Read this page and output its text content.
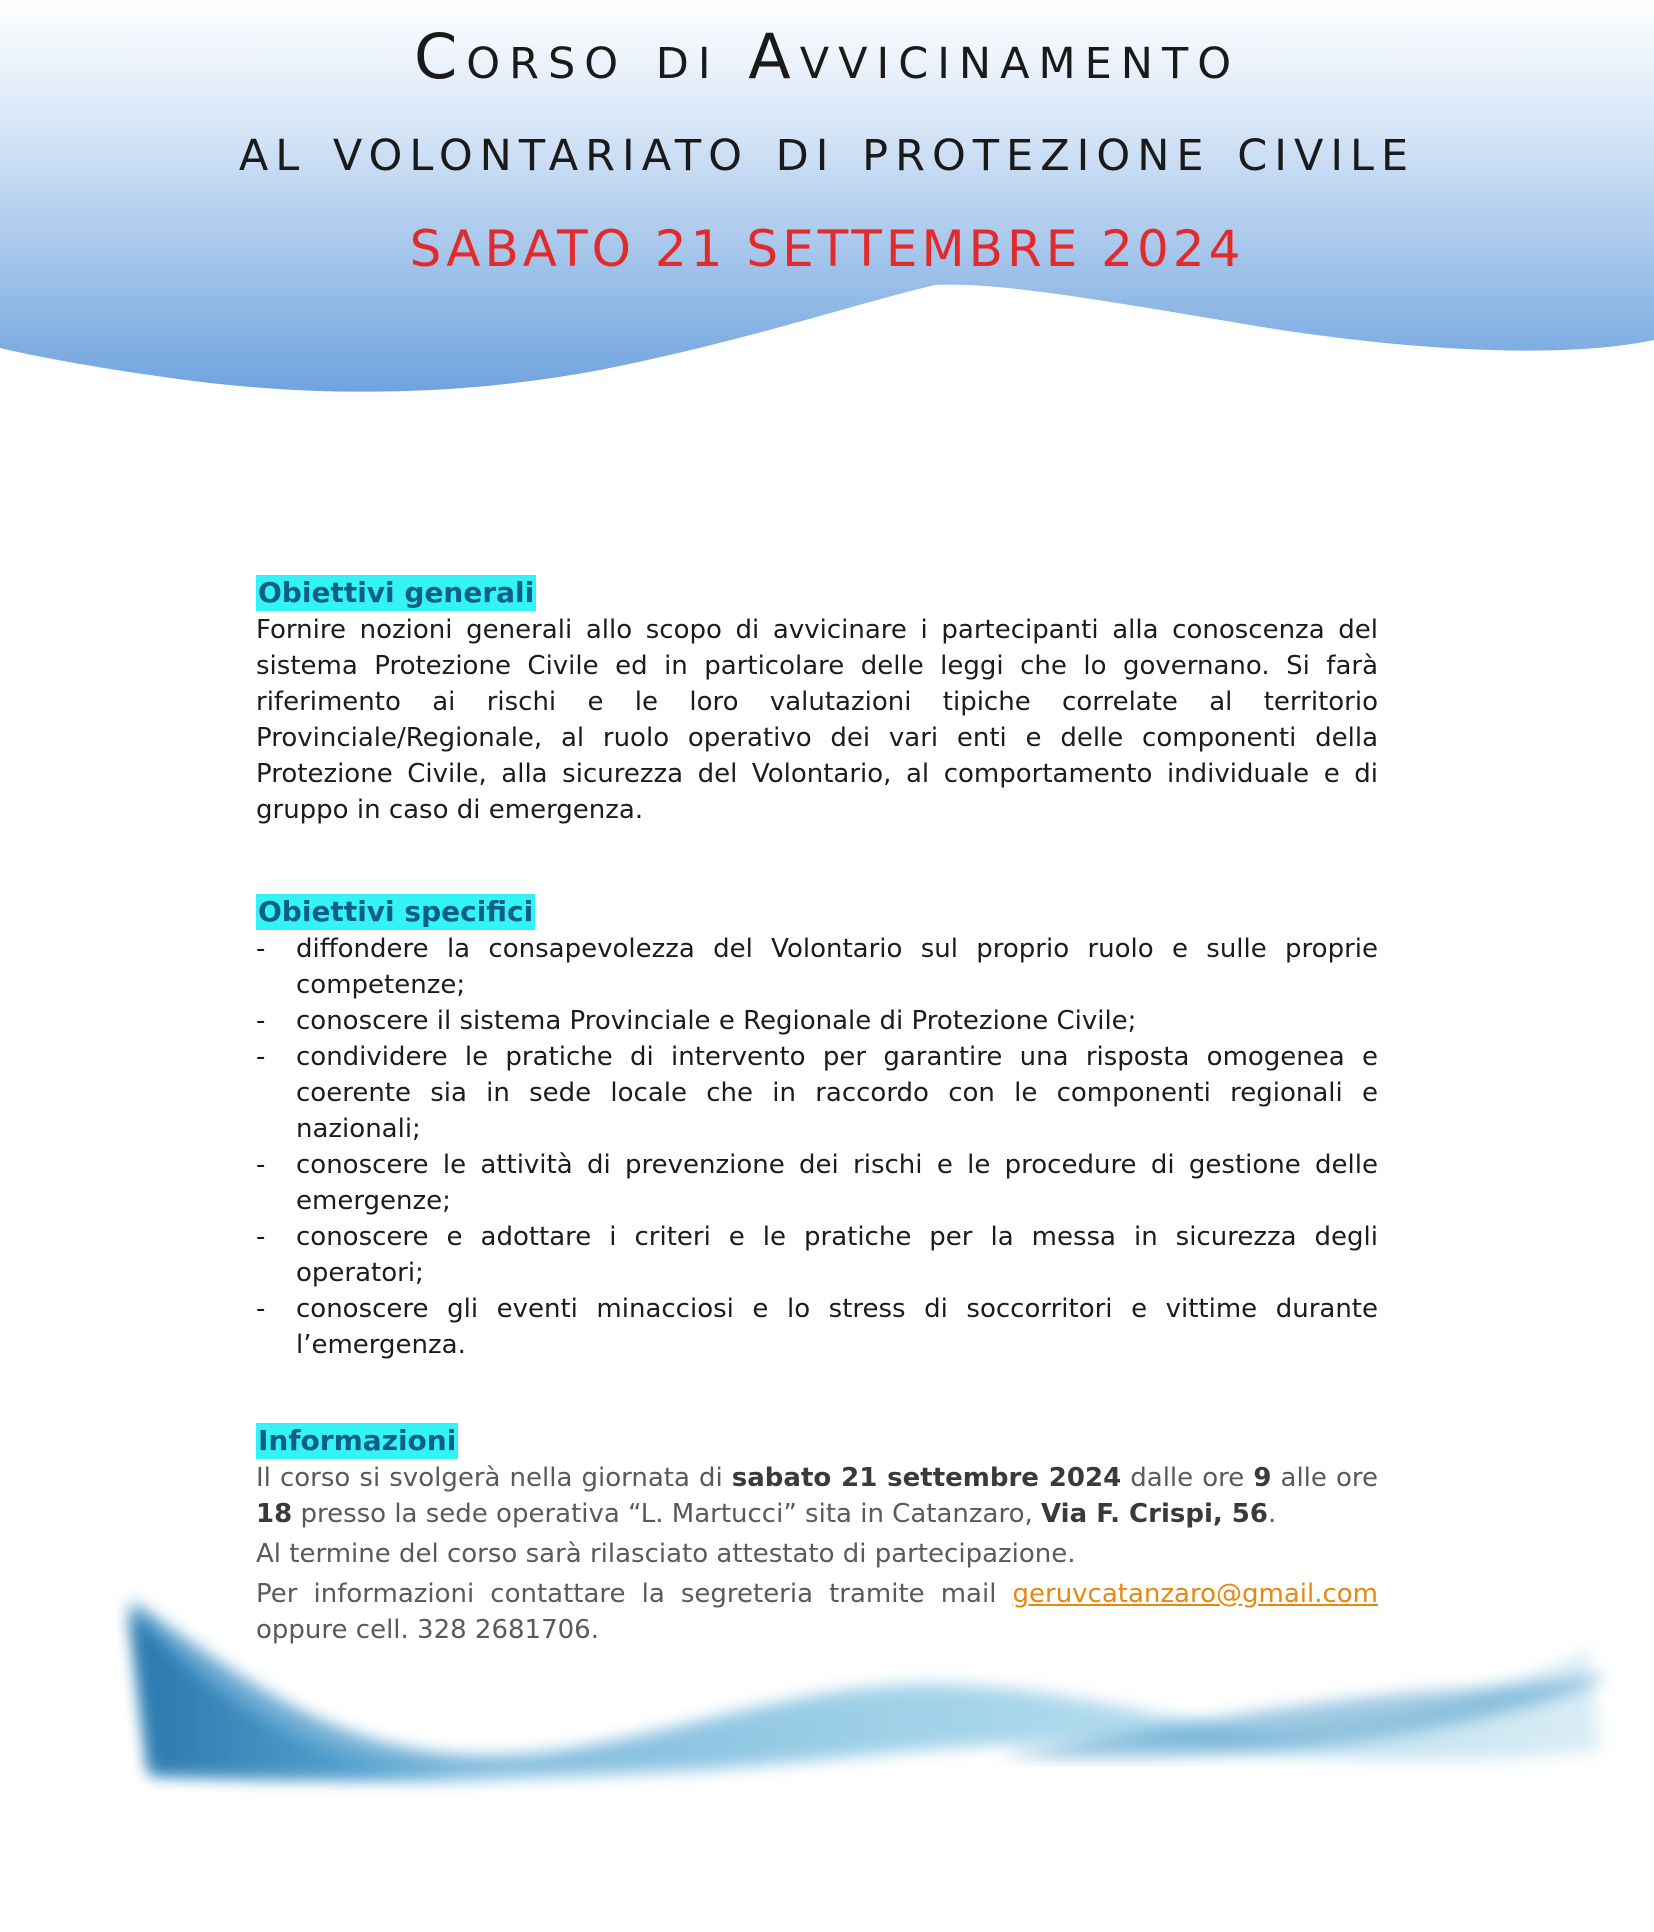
Corso di Avvicinamento
al volontariato di protezione civile
SABATO 21 SETTEMBRE 2024
Obiettivi generali

Fornire nozioni generali allo scopo di avvicinare i partecipanti alla conoscenza del sistema Protezione Civile ed in particolare delle leggi che lo governano. Si farà riferimento ai rischi e le loro valutazioni tipiche correlate al territorio Provinciale/Regionale, al ruolo operativo dei vari enti e delle componenti della Protezione Civile, alla sicurezza del Volontario, al comportamento individuale e di gruppo in caso di emergenza.

Obiettivi specifici
- diffondere la consapevolezza del Volontario sul proprio ruolo e sulle proprie competenze;
- conoscere il sistema Provinciale e Regionale di Protezione Civile;
- condividere le pratiche di intervento per garantire una risposta omogenea e coerente sia in sede locale che in raccordo con le componenti regionali e nazionali;
- conoscere le attività di prevenzione dei rischi e le procedure di gestione delle emergenze;
- conoscere e adottare i criteri e le pratiche per la messa in sicurezza degli operatori;
- conoscere gli eventi minacciosi e lo stress di soccorritori e vittime durante l’emergenza.
Informazioni

Il corso si svolgerà nella giornata di sabato 21 settembre 2024 dalle ore 9 alle ore 18 presso la sede operativa “L. Martucci” sita in Catanzaro, Via F. Crispi, 56.

Al termine del corso sarà rilasciato attestato di partecipazione.

Per informazioni contattare la segreteria tramite mail geruvcatanzaro@gmail.com oppure cell. 328 2681706.
